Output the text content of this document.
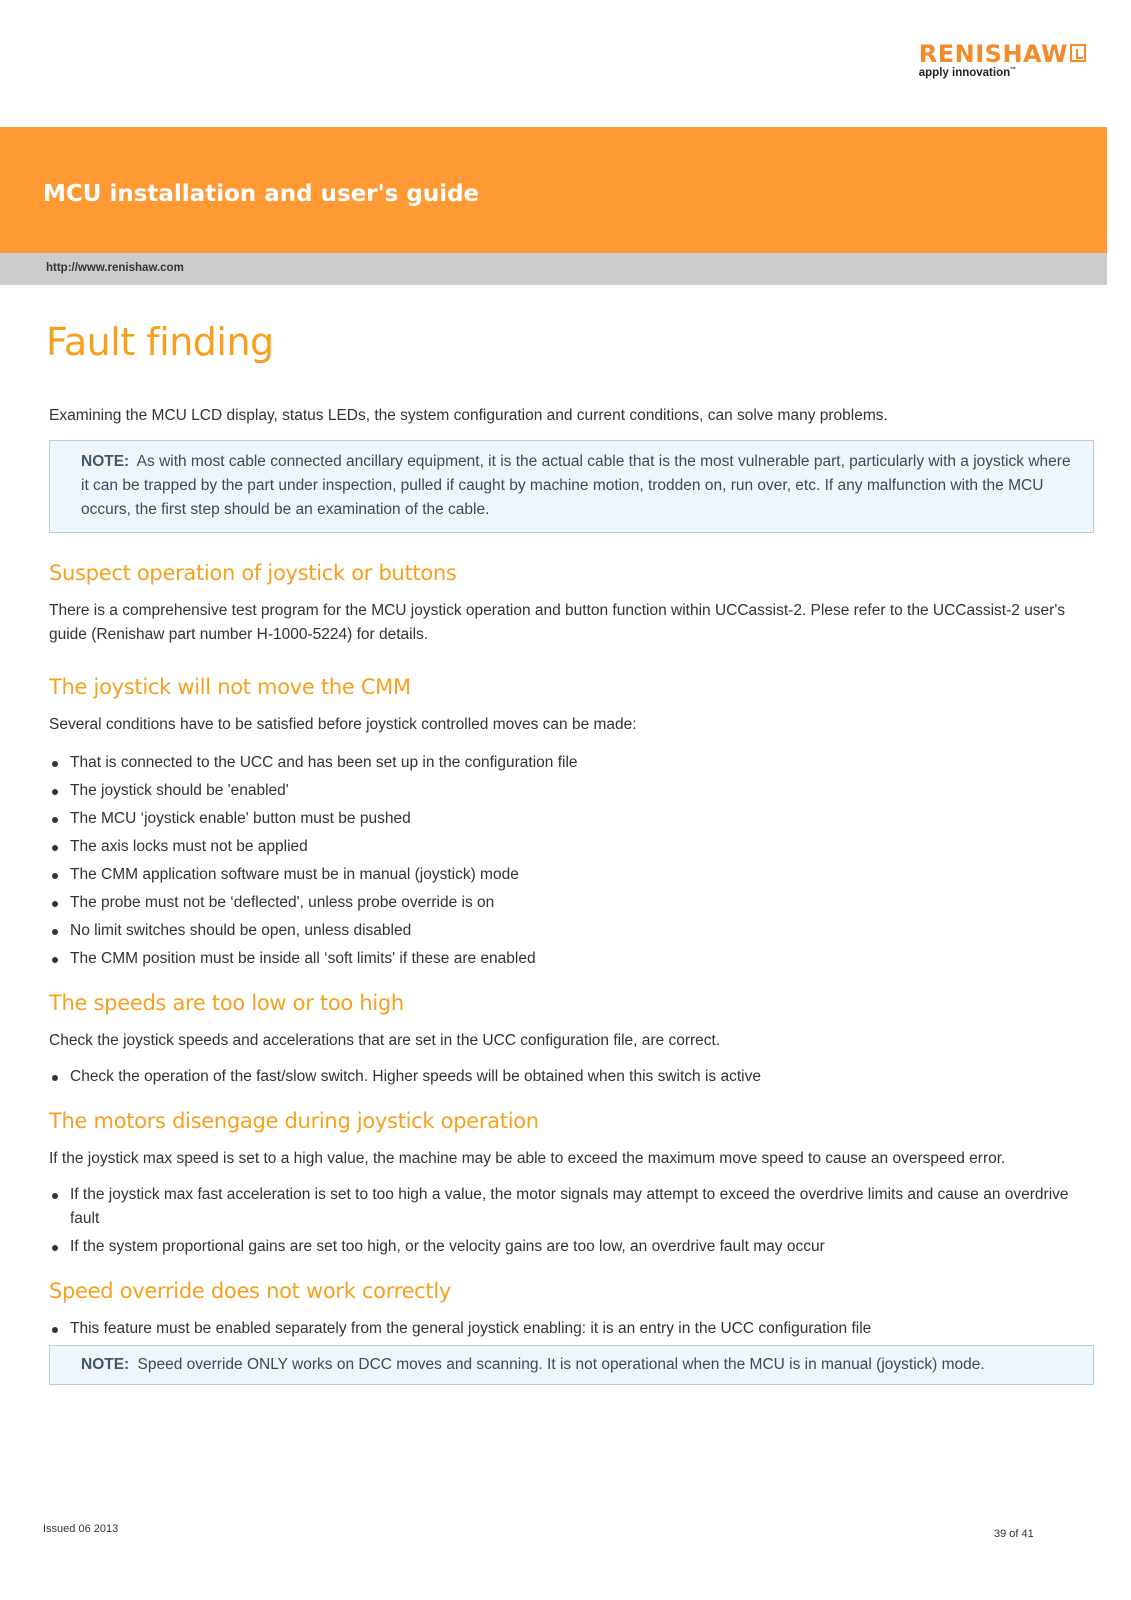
RENISHAW
apply innovation™
MCU installation and user's guide
http://www.renishaw.com
Fault finding

Examining the MCU LCD display, status LEDs, the system configuration and current conditions, can solve many problems.

NOTE: As with most cable connected ancillary equipment, it is the actual cable that is the most vulnerable part, particularly with a joystick where it can be trapped by the part under inspection, pulled if caught by machine motion, trodden on, run over, etc. If any malfunction with the MCU occurs, the first step should be an examination of the cable.
Suspect operation of joystick or buttons

There is a comprehensive test program for the MCU joystick operation and button function within UCCassist-2. Plese refer to the UCCassist-2 user's guide (Renishaw part number H-1000-5224) for details.

The joystick will not move the CMM

Several conditions have to be satisfied before joystick controlled moves can be made:

That is connected to the UCC and has been set up in the configuration file
The joystick should be 'enabled'
The MCU ‘joystick enable' button must be pushed
The axis locks must not be applied
The CMM application software must be in manual (joystick) mode
The probe must not be ‘deflected', unless probe override is on
No limit switches should be open, unless disabled
The CMM position must be inside all ‘soft limits' if these are enabled
The speeds are too low or too high

Check the joystick speeds and accelerations that are set in the UCC configuration file, are correct.

Check the operation of the fast/slow switch. Higher speeds will be obtained when this switch is active
The motors disengage during joystick operation

If the joystick max speed is set to a high value, the machine may be able to exceed the maximum move speed to cause an overspeed error.

If the joystick max fast acceleration is set to too high a value, the motor signals may attempt to exceed the overdrive limits and cause an overdrive fault
If the system proportional gains are set too high, or the velocity gains are too low, an overdrive fault may occur
Speed override does not work correctly
This feature must be enabled separately from the general joystick enabling: it is an entry in the UCC configuration file
NOTE: Speed override ONLY works on DCC moves and scanning. It is not operational when the MCU is in manual (joystick) mode.
Issued 06 2013	39 of 41
